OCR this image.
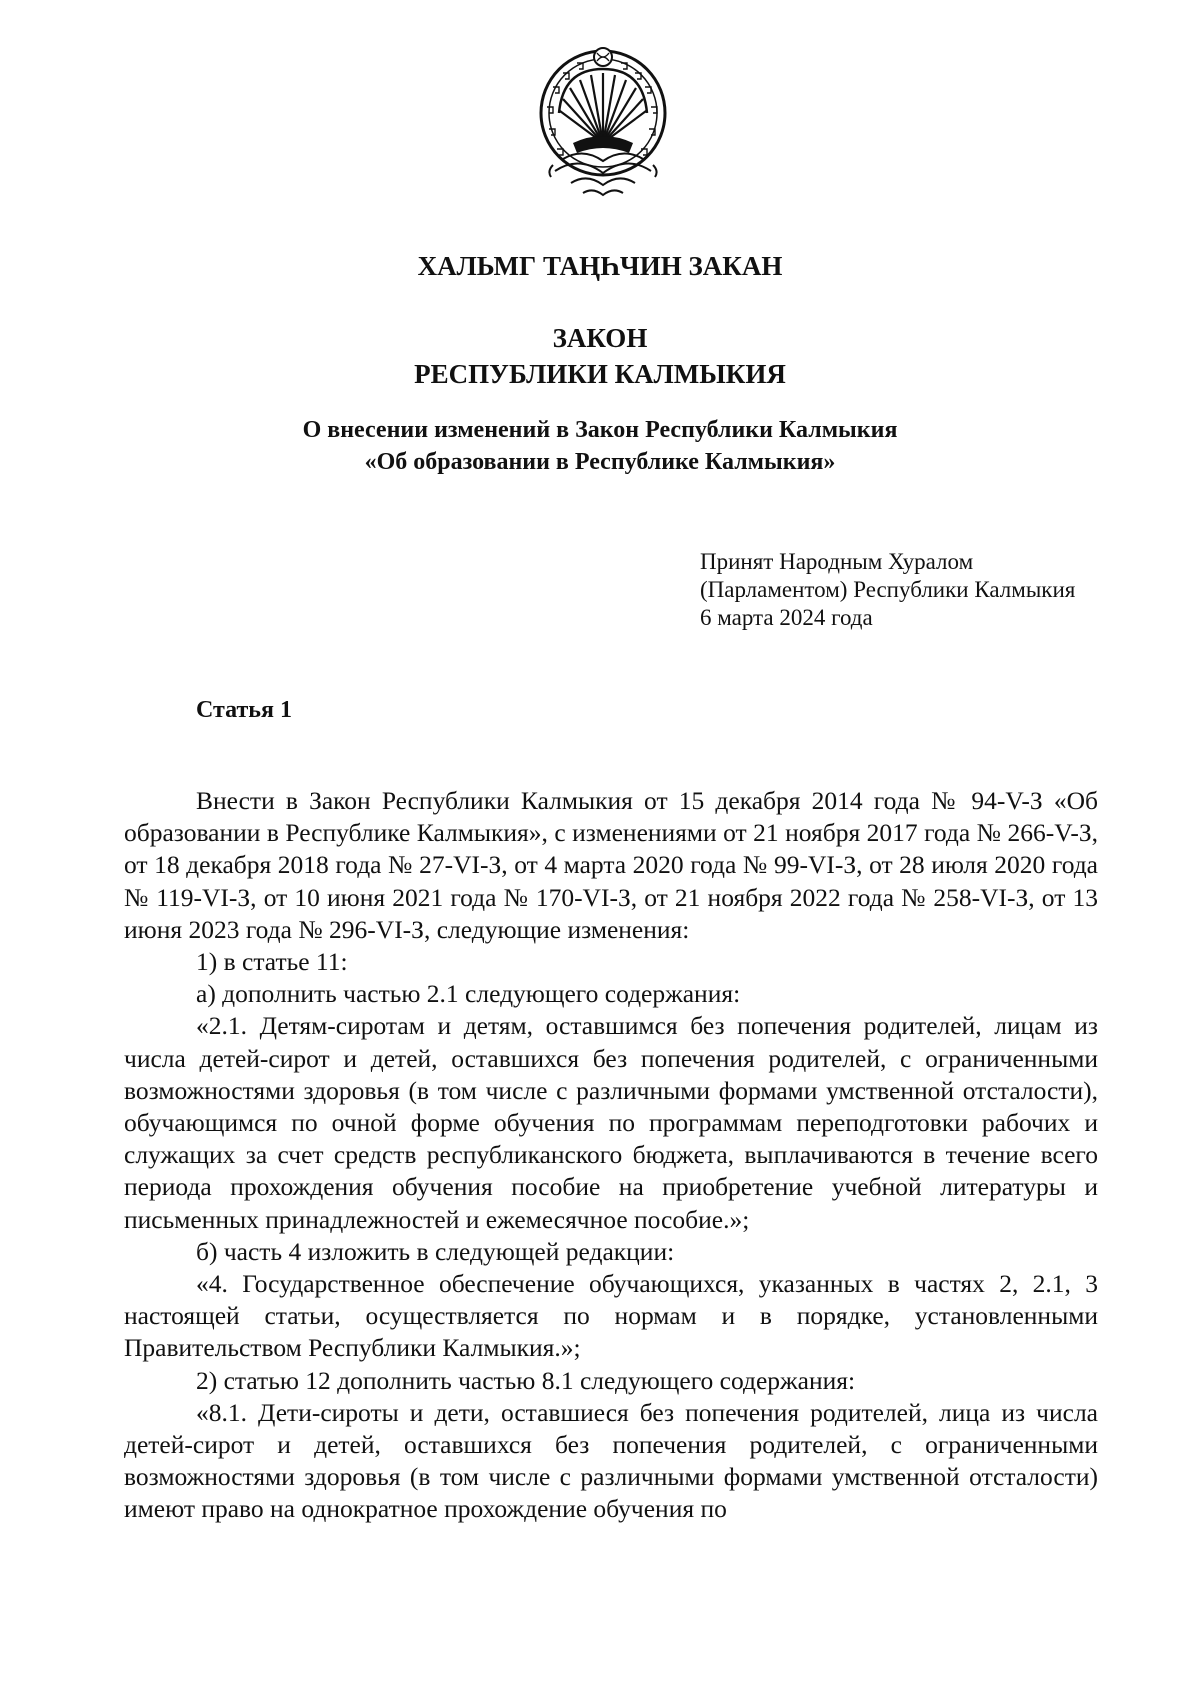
ХАЛЬМГ ТАҢҺЧИН ЗАКАН
ЗАКОН
РЕСПУБЛИКИ КАЛМЫКИЯ
О внесении изменений в Закон Республики Калмыкия
«Об образовании в Республике Калмыкия»
Принят Народным Хуралом
(Парламентом) Республики Калмыкия
6 марта 2024 года
Статья 1

Внести в Закон Республики Калмыкия от 15 декабря 2014 года № 94-V-З «Об образовании в Республике Калмыкия», с изменениями от 21 ноября 2017 года № 266-V-З, от 18 декабря 2018 года № 27-VI-З, от 4 марта 2020 года № 99-VI-З, от 28 июля 2020 года № 119-VI-З, от 10 июня 2021 года № 170-VI-З, от 21 ноября 2022 года № 258-VI-З, от 13 июня 2023 года № 296-VI-З, следующие изменения:

1) в статье 11:

а) дополнить частью 2.1 следующего содержания:

«2.1. Детям-сиротам и детям, оставшимся без попечения родителей, лицам из числа детей-сирот и детей, оставшихся без попечения родителей, с ограниченными возможностями здоровья (в том числе с различными формами умственной отсталости), обучающимся по очной форме обучения по программам переподготовки рабочих и служащих за счет средств республиканского бюджета, выплачиваются в течение всего периода прохождения обучения пособие на приобретение учебной литературы и письменных принадлежностей и ежемесячное пособие.»;

б) часть 4 изложить в следующей редакции:

«4. Государственное обеспечение обучающихся, указанных в частях 2, 2.1, 3 настоящей статьи, осуществляется по нормам и в порядке, установленными Правительством Республики Калмыкия.»;

2) статью 12 дополнить частью 8.1 следующего содержания:

«8.1. Дети-сироты и дети, оставшиеся без попечения родителей, лица из числа детей-сирот и детей, оставшихся без попечения родителей, с ограниченными возможностями здоровья (в том числе с различными формами умственной отсталости) имеют право на однократное прохождение обучения по
